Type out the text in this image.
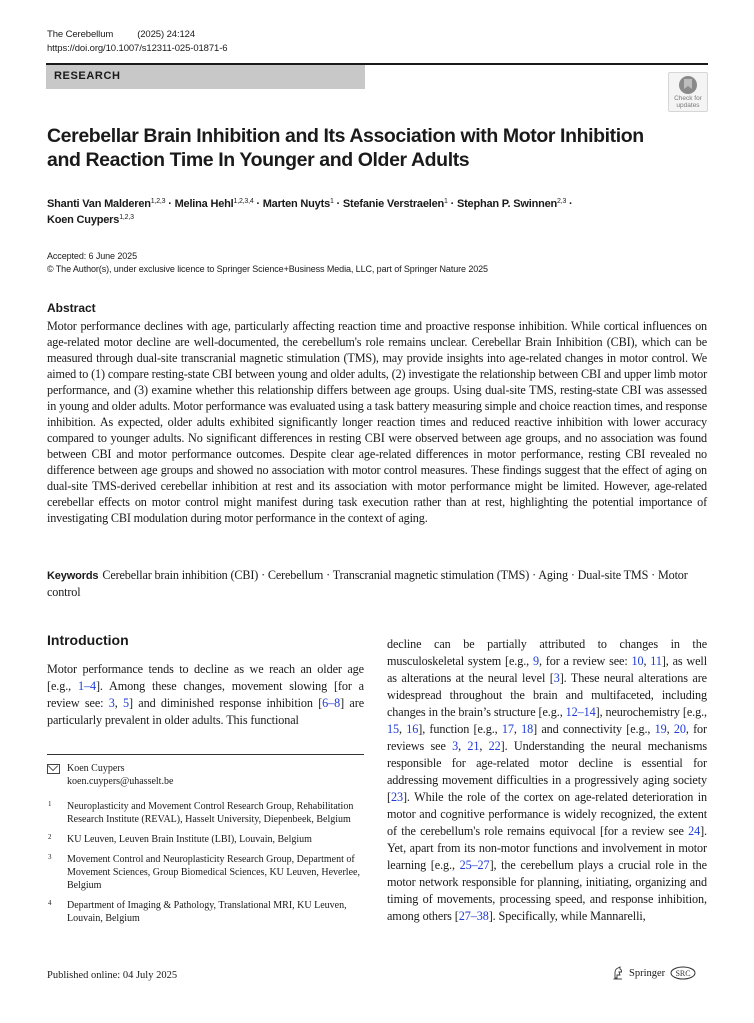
The Cerebellum	(2025) 24:124
https://doi.org/10.1007/s12311-025-01871-6
RESEARCH
Check for
updates
Cerebellar Brain Inhibition and Its Association with Motor Inhibition and Reaction Time In Younger and Older Adults
Shanti Van Malderen$^{1,2,3}$ · Melina Hehl$^{1,2,3,4}$ · Marten Nuyts$^1$ · Stefanie Verstraelen$^1$ · Stephan P. Swinnen$^{2,3}$ ·
Koen Cuypers$^{1,2,3}$
Accepted: 6 June 2025
© The Author(s), under exclusive licence to Springer Science+Business Media, LLC, part of Springer Nature 2025
Abstract
Motor performance declines with age, particularly affecting reaction time and proactive response inhibition. While cortical influences on age-related motor decline are well-documented, the cerebellum's role remains unclear. Cerebellar Brain Inhibition (CBI), which can be measured through dual-site transcranial magnetic stimulation (TMS), may provide insights into age-related changes in motor control. We aimed to (1) compare resting-state CBI between young and older adults, (2) investigate the relationship between CBI and upper limb motor performance, and (3) examine whether this relationship differs between age groups. Using dual-site TMS, resting-state CBI was assessed in young and older adults. Motor performance was evaluated using a task battery measuring simple and choice reaction times, and response inhibition. As expected, older adults exhibited significantly longer reaction times and reduced reactive inhibition with lower accuracy compared to younger adults. No significant differences in resting CBI were observed between age groups, and no association was found between CBI and motor performance outcomes. Despite clear age-related differences in motor performance, resting CBI revealed no difference between age groups and showed no association with motor control measures. These findings suggest that the effect of aging on dual-site TMS-derived cerebellar inhibition at rest and its association with motor performance might be limited. However, age-related cerebellar effects on motor control might manifest during task execution rather than at rest, highlighting the potential importance of investigating CBI modulation during motor performance in the context of aging.
Keywords Cerebellar brain inhibition (CBI) · Cerebellum · Transcranial magnetic stimulation (TMS) · Aging · Dual-site TMS · Motor control
Introduction
Motor performance tends to decline as we reach an older age [e.g., 1–4]. Among these changes, movement slowing [for a review see: 3, 5] and diminished response inhibition [6–8] are particularly prevalent in older adults. This functional
decline can be partially attributed to changes in the musculoskeletal system [e.g., 9, for a review see: 10, 11], as well as alterations at the neural level [3]. These neural alterations are widespread throughout the brain and multifaceted, including changes in the brain’s structure [e.g., 12–14], neurochemistry [e.g., 15, 16], function [e.g., 17, 18] and connectivity [e.g., 19, 20, for reviews see 3, 21, 22]. Understanding the neural mechanisms responsible for age-related motor decline is essential for addressing movement difficulties in a progressively aging society [23]. While the role of the cortex on age-related deterioration in motor and cognitive performance is widely recognized, the extent of the cerebellum's role remains equivocal [for a review see 24]. Yet, apart from its non-motor functions and involvement in motor learning [e.g., 25–27], the cerebellum plays a crucial role in the motor network responsible for planning, initiating, organizing and timing of movements, processing speed, and response inhibition, among others [27–38]. Specifically, while Mannarelli,
Koen Cuypers
koen.cuypers@uhasselt.be
1 Neuroplasticity and Movement Control Research Group, Rehabilitation Research Institute (REVAL), Hasselt University, Diepenbeek, Belgium
2 KU Leuven, Leuven Brain Institute (LBI), Louvain, Belgium
3 Movement Control and Neuroplasticity Research Group, Department of Movement Sciences, Group Biomedical Sciences, KU Leuven, Heverlee, Belgium
4 Department of Imaging & Pathology, Translational MRI, KU Leuven, Louvain, Belgium
Published online: 04 July 2025	Springer SRC
